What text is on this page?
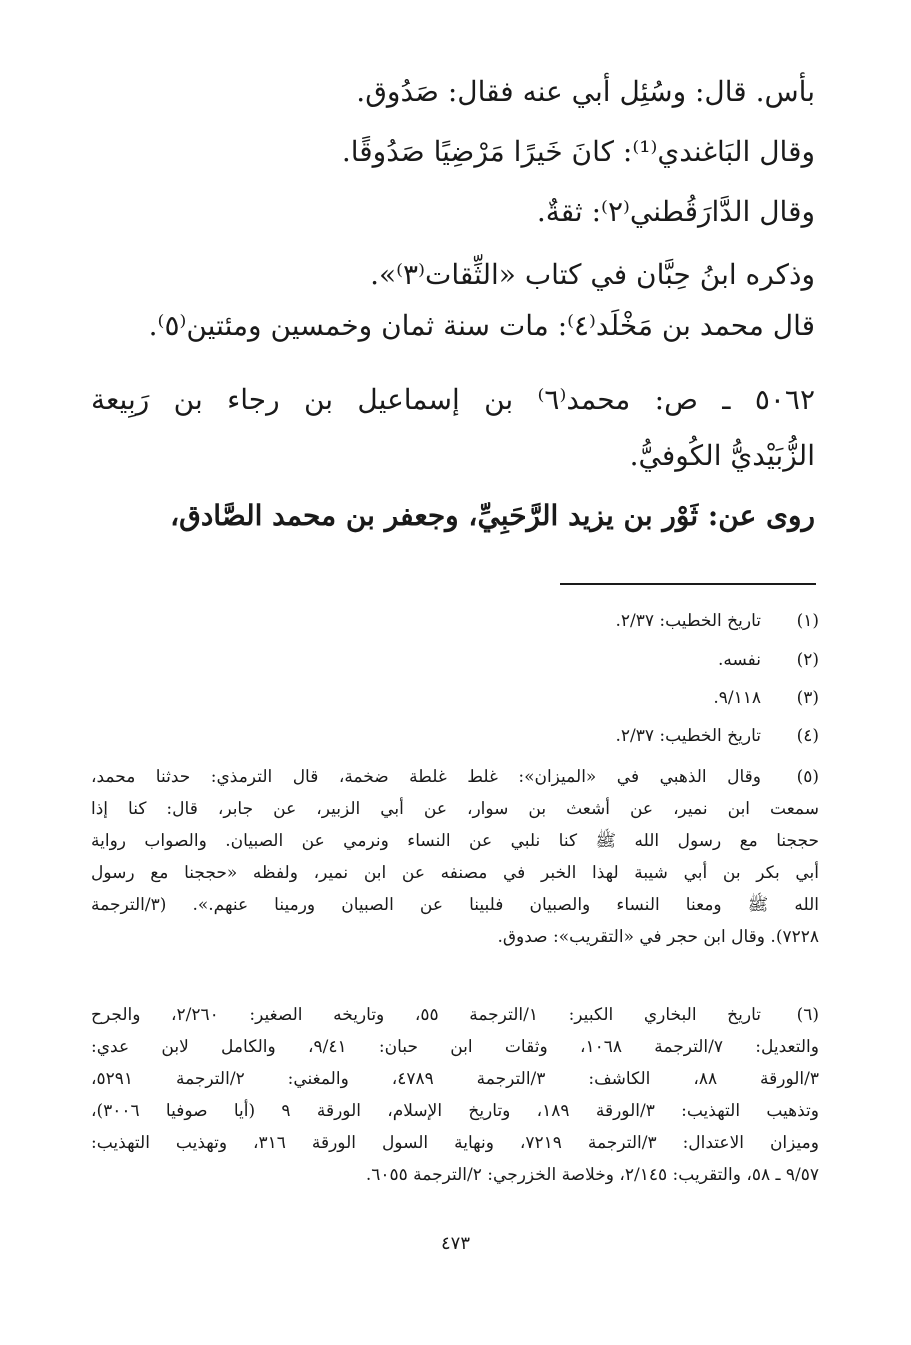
بأس. قال: وسُئِل أبي عنه فقال: صَدُوق.
وقال البَاغندي⁽¹⁾: كانَ خَيرًا مَرْضِيًا صَدُوقًا.
وقال الدَّارَقُطني⁽٢⁾: ثقةٌ.
وذكره ابنُ حِبَّان في كتاب «الثِّقات⁽٣⁾».
قال محمد بن مَخْلَد⁽٤⁾: مات سنة ثمان وخمسين ومئتين⁽٥⁾.
٥٠٦٢ ـ ص: محمد⁽٦⁾ بن إسماعيل بن رجاء بن رَبِيعة
الزُّبَيْديُّ الكُوفيُّ.
روى عن: ثَوْر بن يزيد الرَّحَبِيِّ، وجعفر بن محمد الصَّادق،
(١)
تاريخ الخطيب: ٢/٣٧.
(٢)
نفسه.
(٣)
٩/١١٨.
(٤)
تاريخ الخطيب: ٢/٣٧.
(٥)
وقال الذهبي في «الميزان»: غلط غلطة ضخمة، قال الترمذي: حدثنا محمد،
سمعت ابن نمير، عن أشعث بن سوار، عن أبي الزبير، عن جابر، قال: كنا إذا
حججنا مع رسول الله ﷺ كنا نلبي عن النساء ونرمي عن الصبيان. والصواب رواية
أبي بكر بن أبي شيبة لهذا الخبر في مصنفه عن ابن نمير، ولفظه «حججنا مع رسول
الله ﷺ ومعنا النساء والصبيان فلبينا عن الصبيان ورمينا عنهم.». (٣/الترجمة
٧٢٢٨). وقال ابن حجر في «التقريب»: صدوق.
(٦)
تاريخ البخاري الكبير: ١/الترجمة ٥٥، وتاريخه الصغير: ٢/٢٦٠، والجرح
والتعديل: ٧/الترجمة ١٠٦٨، وثقات ابن حبان: ٩/٤١، والكامل لابن عدي:
٣/الورقة ٨٨، الكاشف: ٣/الترجمة ٤٧٨٩، والمغني: ٢/الترجمة ٥٢٩١،
وتذهيب التهذيب: ٣/الورقة ١٨٩، وتاريخ الإسلام، الورقة ٩ (أيا صوفيا ٣٠٠٦)،
وميزان الاعتدال: ٣/الترجمة ٧٢١٩، ونهاية السول الورقة ٣١٦، وتهذيب التهذيب:
٩/٥٧ ـ ٥٨، والتقريب: ٢/١٤٥، وخلاصة الخزرجي: ٢/الترجمة ٦٠٥٥.
٤٧٣
